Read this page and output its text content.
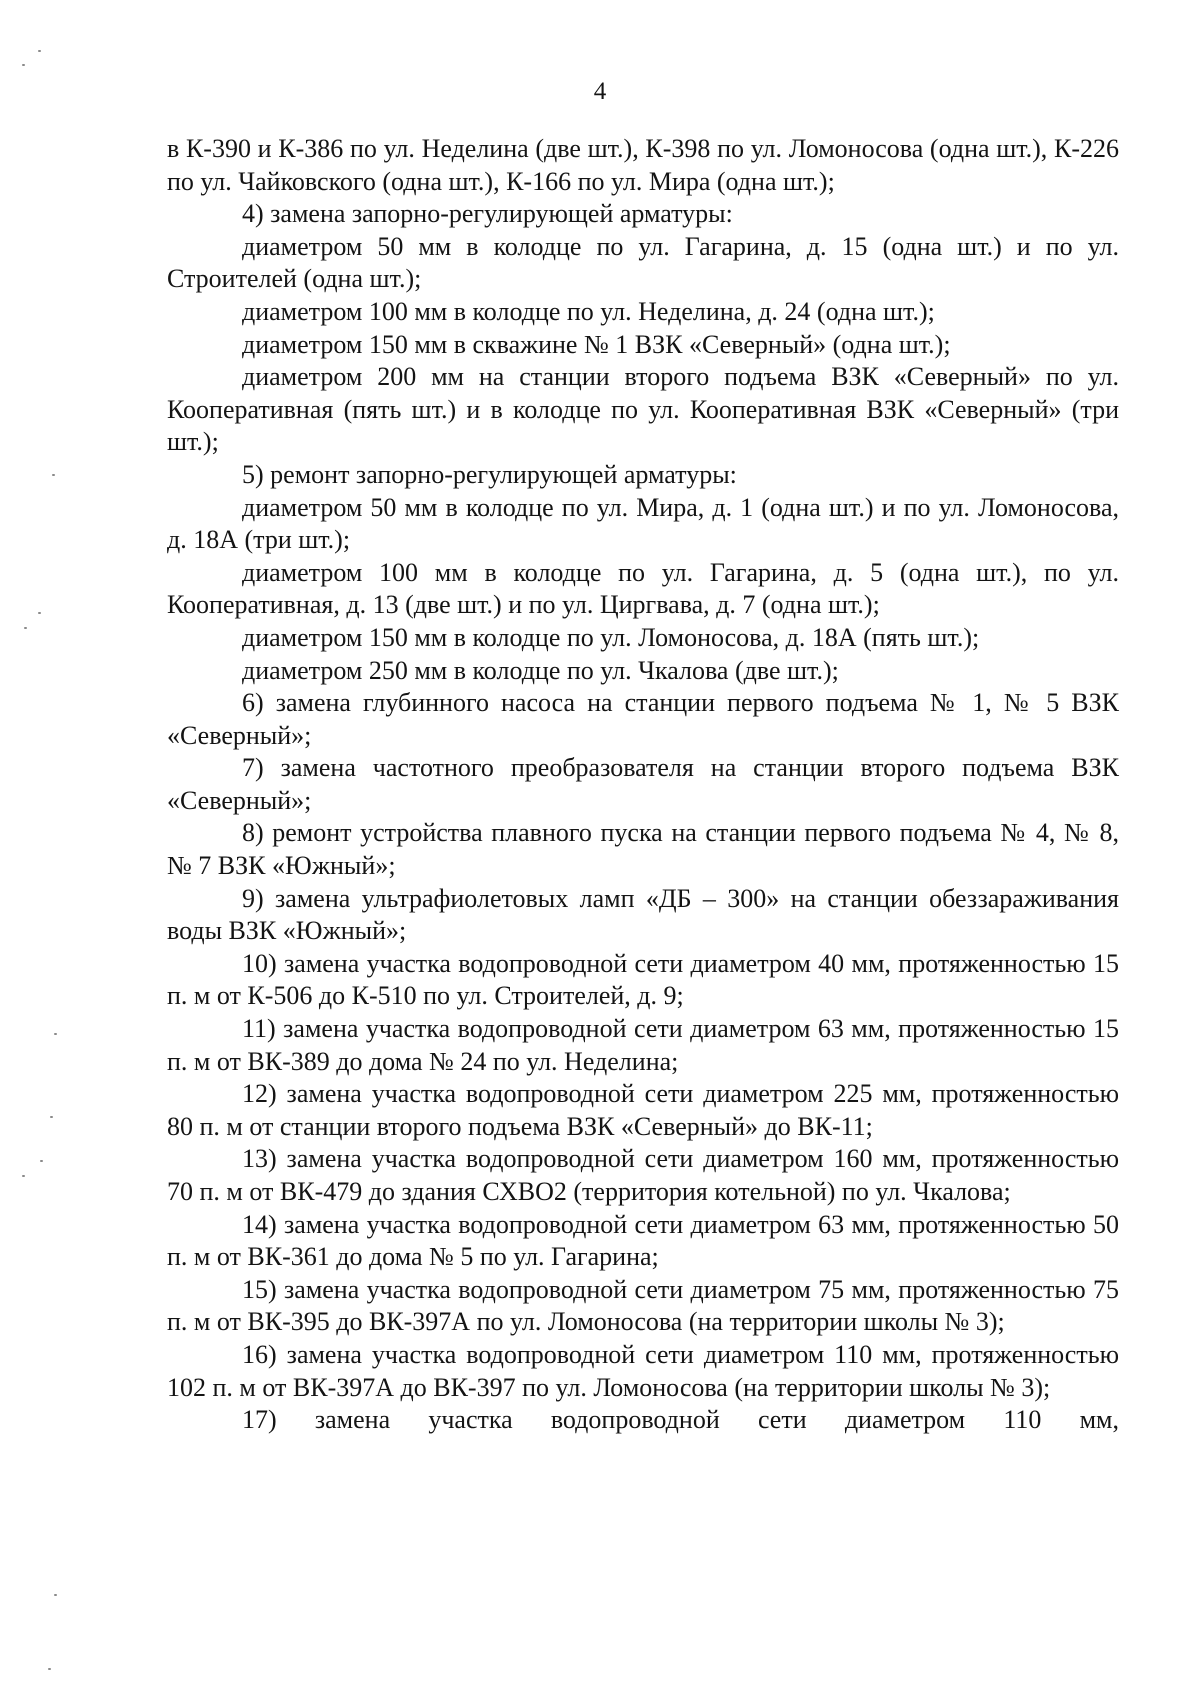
4

в К-390 и К-386 по ул. Неделина (две шт.), К-398 по ул. Ломоносова (одна шт.), К-226 по ул. Чайковского (одна шт.), К-166 по ул. Мира (одна шт.);

4) замена запорно-регулирующей арматуры:

диаметром 50 мм в колодце по ул. Гагарина, д. 15 (одна шт.) и по ул. Строителей (одна шт.);

диаметром 100 мм в колодце по ул. Неделина, д. 24 (одна шт.);

диаметром 150 мм в скважине № 1 ВЗК «Северный» (одна шт.);

диаметром 200 мм на станции второго подъема ВЗК «Северный» по ул. Кооперативная (пять шт.) и в колодце по ул. Кооперативная ВЗК «Северный» (три шт.);

5) ремонт запорно-регулирующей арматуры:

диаметром 50 мм в колодце по ул. Мира, д. 1 (одна шт.) и по ул. Ломоносова, д. 18А (три шт.);

диаметром 100 мм в колодце по ул. Гагарина, д. 5 (одна шт.), по ул. Кооперативная, д. 13 (две шт.) и по ул. Циргвава, д. 7 (одна шт.);

диаметром 150 мм в колодце по ул. Ломоносова, д. 18А (пять шт.);

диаметром 250 мм в колодце по ул. Чкалова (две шт.);

6) замена глубинного насоса на станции первого подъема № 1, № 5 ВЗК «Северный»;

7) замена частотного преобразователя на станции второго подъема ВЗК «Северный»;

8) ремонт устройства плавного пуска на станции первого подъема № 4, № 8, № 7 ВЗК «Южный»;

9) замена ультрафиолетовых ламп «ДБ – 300» на станции обеззараживания воды ВЗК «Южный»;

10) замена участка водопроводной сети диаметром 40 мм, протяженностью 15 п. м от К-506 до К-510 по ул. Строителей, д. 9;

11) замена участка водопроводной сети диаметром 63 мм, протяженностью 15 п. м от ВК-389 до дома № 24 по ул. Неделина;

12) замена участка водопроводной сети диаметром 225 мм, протяженностью 80 п. м от станции второго подъема ВЗК «Северный» до ВК-11;

13) замена участка водопроводной сети диаметром 160 мм, протяженностью 70 п. м от ВК-479 до здания СХВО2 (территория котельной) по ул. Чкалова;

14) замена участка водопроводной сети диаметром 63 мм, протяженностью 50 п. м от ВК-361 до дома № 5 по ул. Гагарина;

15) замена участка водопроводной сети диаметром 75 мм, протяженностью 75 п. м от ВК-395 до ВК-397А по ул. Ломоносова (на территории школы № 3);

16) замена участка водопроводной сети диаметром 110 мм, протяженностью 102 п. м от ВК-397А до ВК-397 по ул. Ломоносова (на территории школы № 3);

17) замена участка водопроводной сети диаметром 110 мм,
